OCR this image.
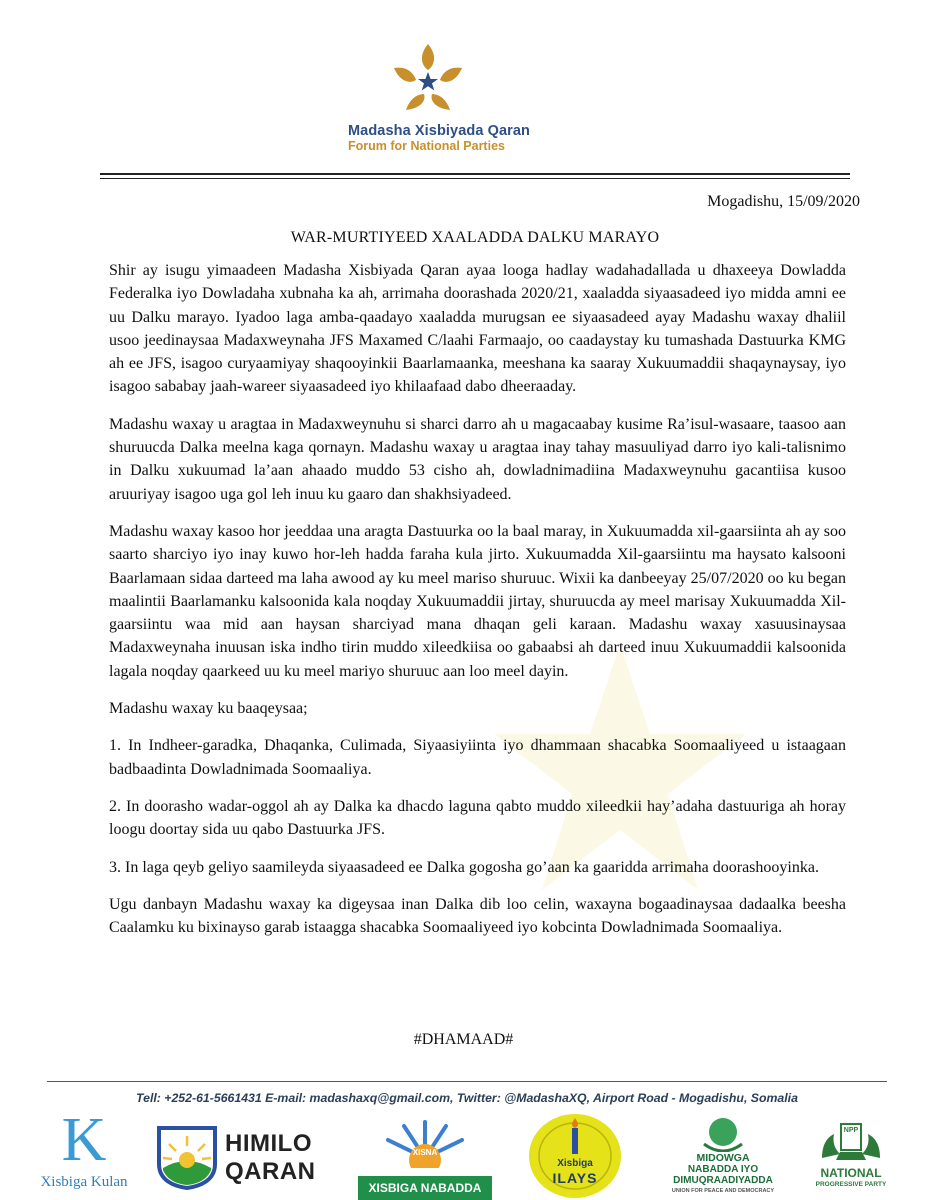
Madasha Xisbiyada Qaran
Forum for National Parties
Mogadishu, 15/09/2020
WAR-MURTIYEED XAALADDA DALKU MARAYO

Shir ay isugu yimaadeen Madasha Xisbiyada Qaran ayaa looga hadlay wadahadallada u dhaxeeya Dowladda Federalka iyo Dowladaha xubnaha ka ah, arrimaha doorashada 2020/21, xaaladda siyaasadeed iyo midda amni ee uu Dalku marayo. Iyadoo laga amba-qaadayo xaaladda murugsan ee siyaasadeed ayay Madashu waxay dhaliil usoo jeedinaysaa Madaxweynaha JFS Maxamed C/laahi Farmaajo, oo caadaystay ku tumashada Dastuurka KMG ah ee JFS, isagoo curyaamiyay shaqooyinkii Baarlamaanka, meeshana ka saaray Xukuumaddii shaqaynaysay, iyo isagoo sababay jaah-wareer siyaasadeed iyo khilaafaad dabo dheeraaday.

Madashu waxay u aragtaa in Madaxweynuhu si sharci darro ah u magacaabay kusime Ra’isul-wasaare, taasoo aan shuruucda Dalka meelna kaga qornayn. Madashu waxay u aragtaa inay tahay masuuliyad darro iyo kali-talisnimo in Dalku xukuumad la’aan ahaado muddo 53 cisho ah, dowladnimadiina Madaxweynuhu gacantiisa kusoo aruuriyay isagoo uga gol leh inuu ku gaaro dan shakhsiyadeed.

Madashu waxay kasoo hor jeeddaa una aragta Dastuurka oo la baal maray, in Xukuumadda xil-gaarsiinta ah ay soo saarto sharciyo iyo inay kuwo hor-leh hadda faraha kula jirto. Xukuumadda Xil-gaarsiintu ma haysato kalsooni Baarlamaan sidaa darteed ma laha awood ay ku meel mariso shuruuc. Wixii ka danbeeyay 25/07/2020 oo ku began maalintii Baarlamanku kalsoonida kala noqday Xukuumaddii jirtay, shuruucda ay meel marisay Xukuumadda Xil-gaarsiintu waa mid aan haysan sharciyad mana dhaqan geli karaan. Madashu waxay xasuusinaysaa Madaxweynaha inuusan iska indho tirin muddo xileedkiisa oo gabaabsi ah darteed inuu Xukuumaddii kalsoonida lagala noqday qaarkeed uu ku meel mariyo shuruuc aan loo meel dayin.

Madashu waxay ku baaqeysaa;

1. In Indheer-garadka, Dhaqanka, Culimada, Siyaasiyiinta iyo dhammaan shacabka Soomaaliyeed u istaagaan badbaadinta Dowladnimada Soomaaliya.

2. In doorasho wadar-oggol ah ay Dalka ka dhacdo laguna qabto muddo xileedkii hay’adaha dastuuriga ah horay loogu doortay sida uu qabo Dastuurka JFS.

3. In laga qeyb geliyo saamileyda siyaasadeed ee Dalka gogosha go’aan ka gaaridda arrimaha doorashooyinka.

Ugu danbayn Madashu waxay ka digeysaa inan Dalka dib loo celin, waxayna bogaadinaysaa dadaalka beesha Caalamku ku bixinayso garab istaagga shacabka Soomaaliyeed iyo kobcinta Dowladnimada Soomaaliya.

#DHAMAAD#
Tell: +252-61-5661431 E-mail: madashaxq@gmail.com, Twitter: @MadashaXQ, Airport Road - Mogadishu, Somalia
K
Xisbiga Kulan
HIMILO
QARAN
XISNA
XISBIGA NABADDA
Xisbiga
ILAYS
MIDOWGA
NABADDA IYO
DIMUQRAADIYADDA
UNION FOR PEACE AND DEMOCRACY
NPP
NATIONAL
PROGRESSIVE PARTY
